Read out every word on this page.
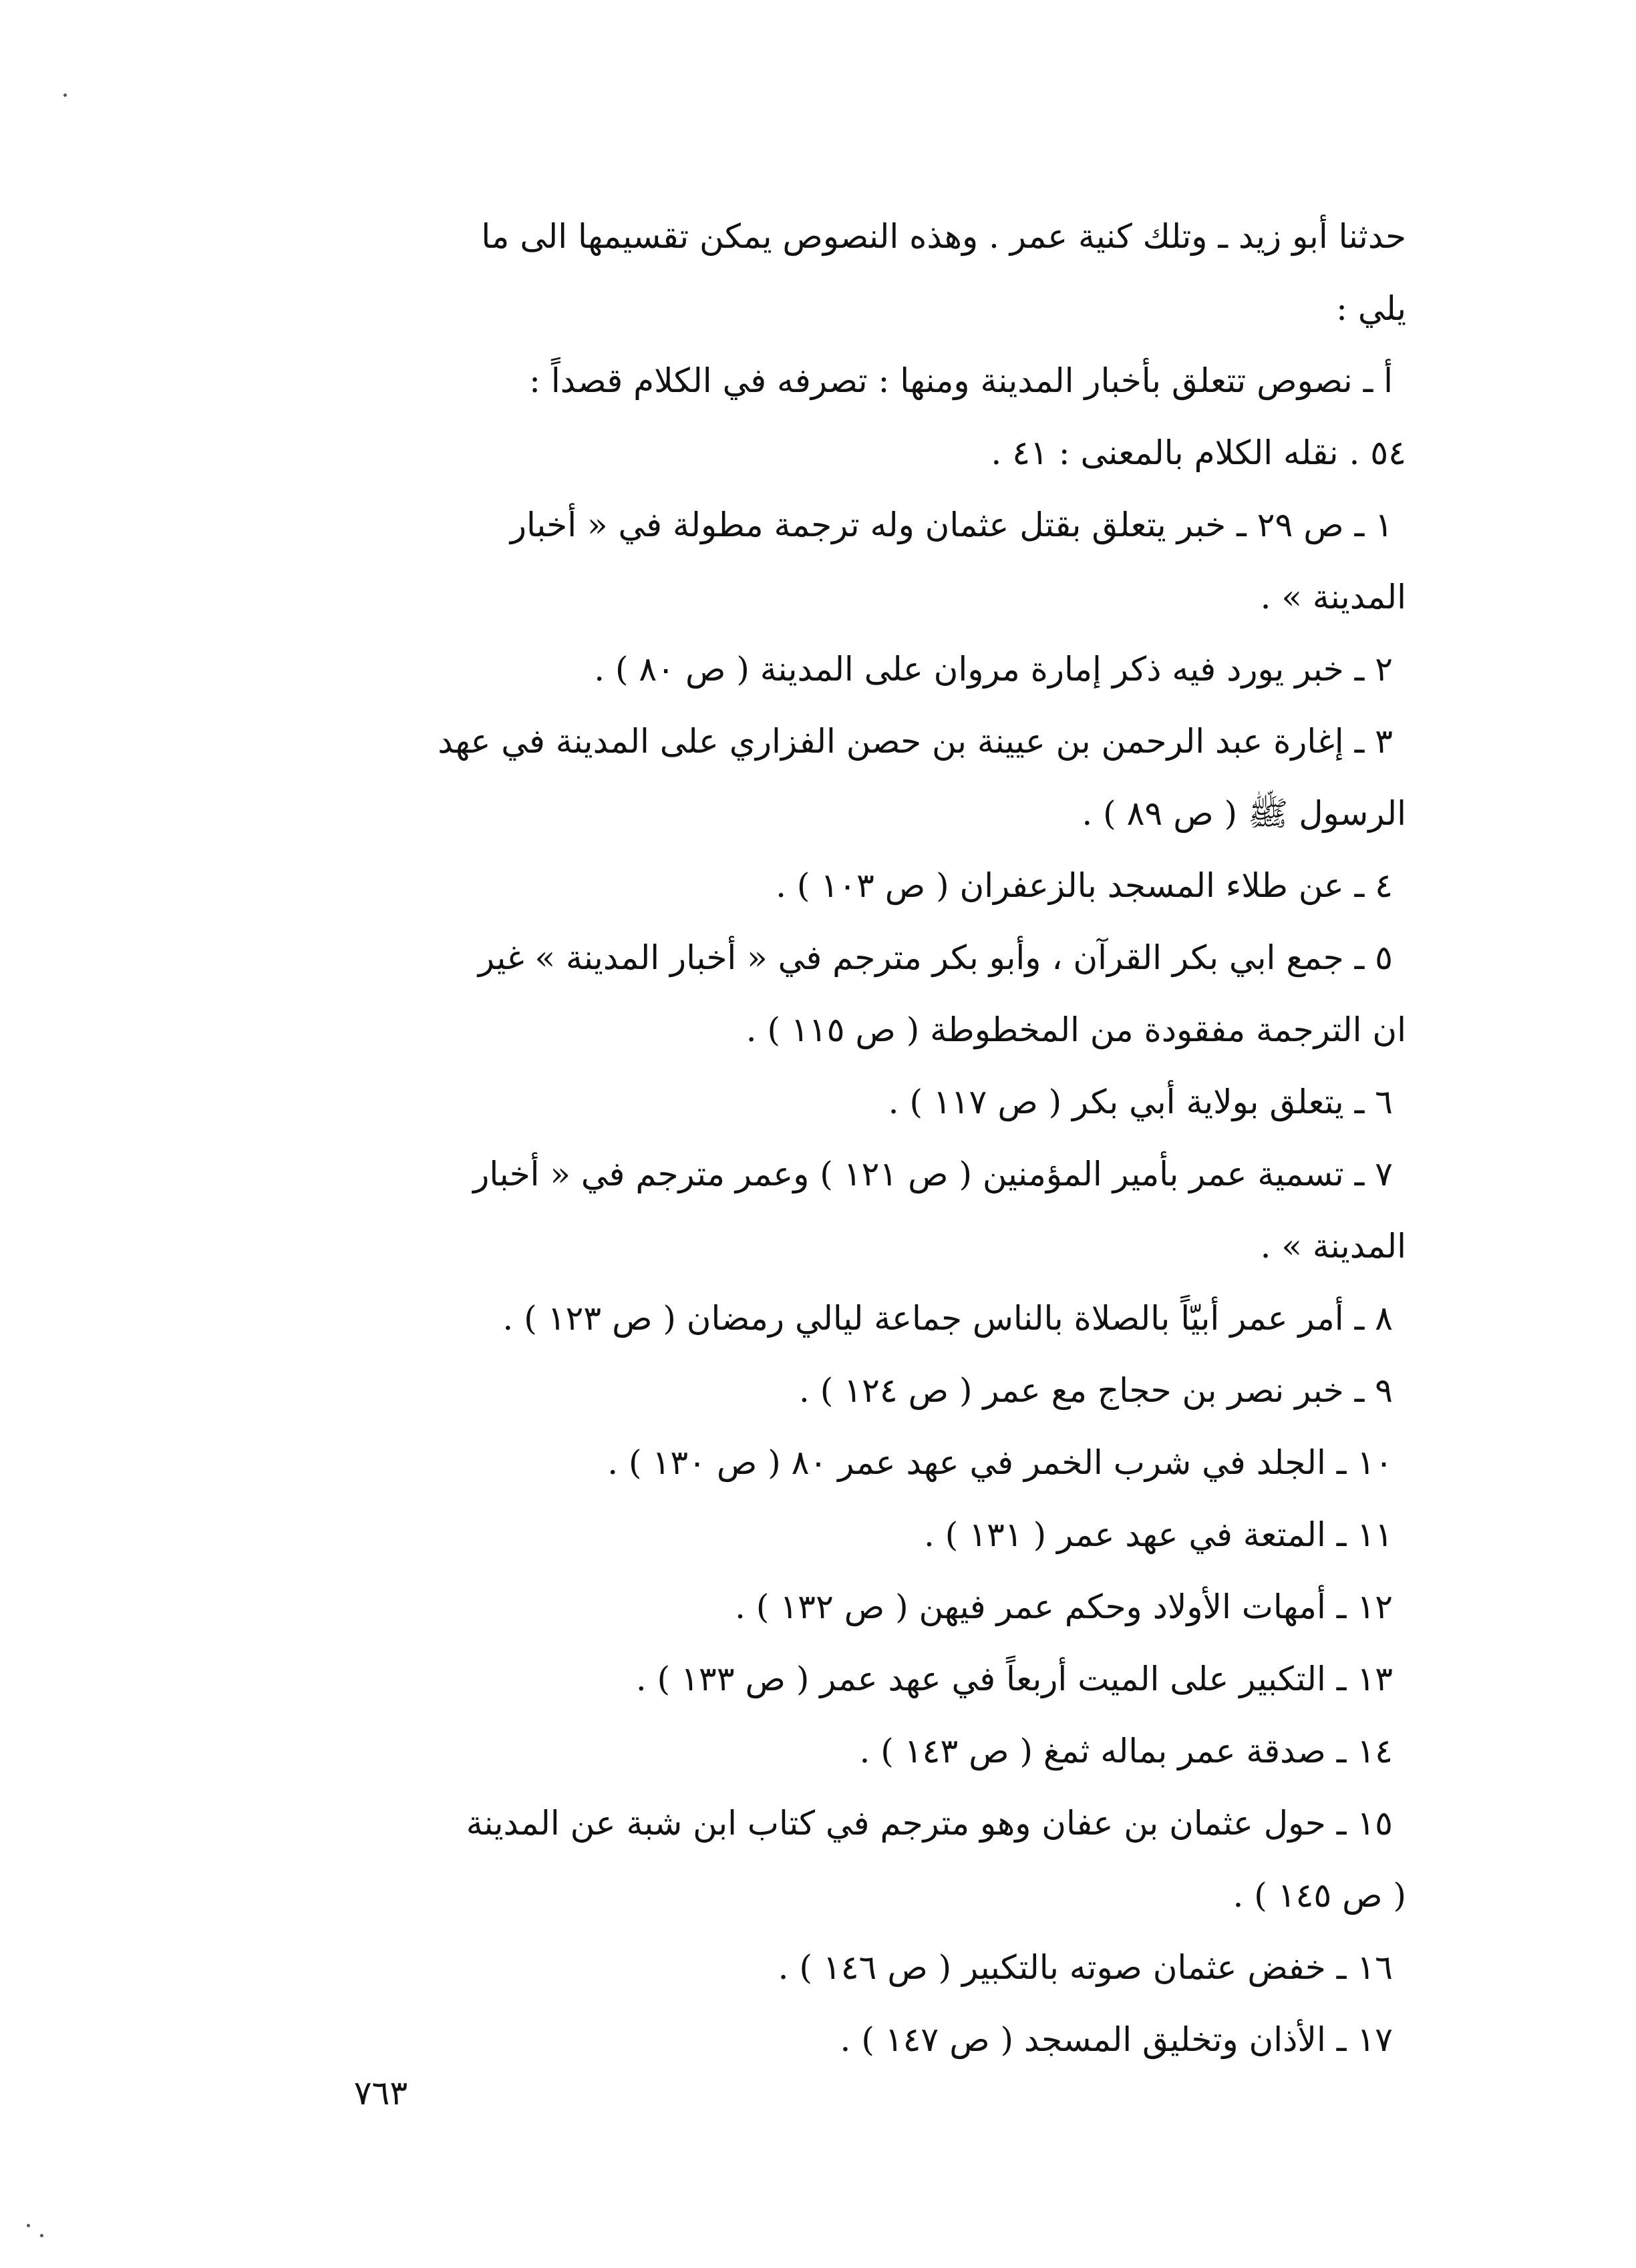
حدثنا أبو زيد ـ وتلك كنية عمر . وهذه النصوص يمكن تقسيمها الى ما
يلي :
أ ـ نصوص تتعلق بأخبار المدينة ومنها : تصرفه في الكلام قصداً :
٥٤ . نقله الكلام بالمعنى : ٤١ .
١ ـ ص ٢٩ ـ خبر يتعلق بقتل عثمان وله ترجمة مطولة في « أخبار
المدينة » .
٢ ـ خبر يورد فيه ذكر إمارة مروان على المدينة ( ص ٨٠ ) .
٣ ـ إغارة عبد الرحمن بن عيينة بن حصن الفزاري على المدينة في عهد
الرسول ﷺ ( ص ٨٩ ) .
٤ ـ عن طلاء المسجد بالزعفران ( ص ١٠٣ ) .
٥ ـ جمع ابي بكر القرآن ، وأبو بكر مترجم في « أخبار المدينة » غير
ان الترجمة مفقودة من المخطوطة ( ص ١١٥ ) .
٦ ـ يتعلق بولاية أبي بكر ( ص ١١٧ ) .
٧ ـ تسمية عمر بأمير المؤمنين ( ص ١٢١ ) وعمر مترجم في « أخبار
المدينة » .
٨ ـ أمر عمر أبيّاً بالصلاة بالناس جماعة ليالي رمضان ( ص ١٢٣ ) .
٩ ـ خبر نصر بن حجاج مع عمر ( ص ١٢٤ ) .
١٠ ـ الجلد في شرب الخمر في عهد عمر ٨٠ ( ص ١٣٠ ) .
١١ ـ المتعة في عهد عمر ( ١٣١ ) .
١٢ ـ أمهات الأولاد وحكم عمر فيهن ( ص ١٣٢ ) .
١٣ ـ التكبير على الميت أربعاً في عهد عمر ( ص ١٣٣ ) .
١٤ ـ صدقة عمر بماله ثمغ ( ص ١٤٣ ) .
١٥ ـ حول عثمان بن عفان وهو مترجم في كتاب ابن شبة عن المدينة
( ص ١٤٥ ) .
١٦ ـ خفض عثمان صوته بالتكبير ( ص ١٤٦ ) .
١٧ ـ الأذان وتخليق المسجد ( ص ١٤٧ ) .
٧٦٣
